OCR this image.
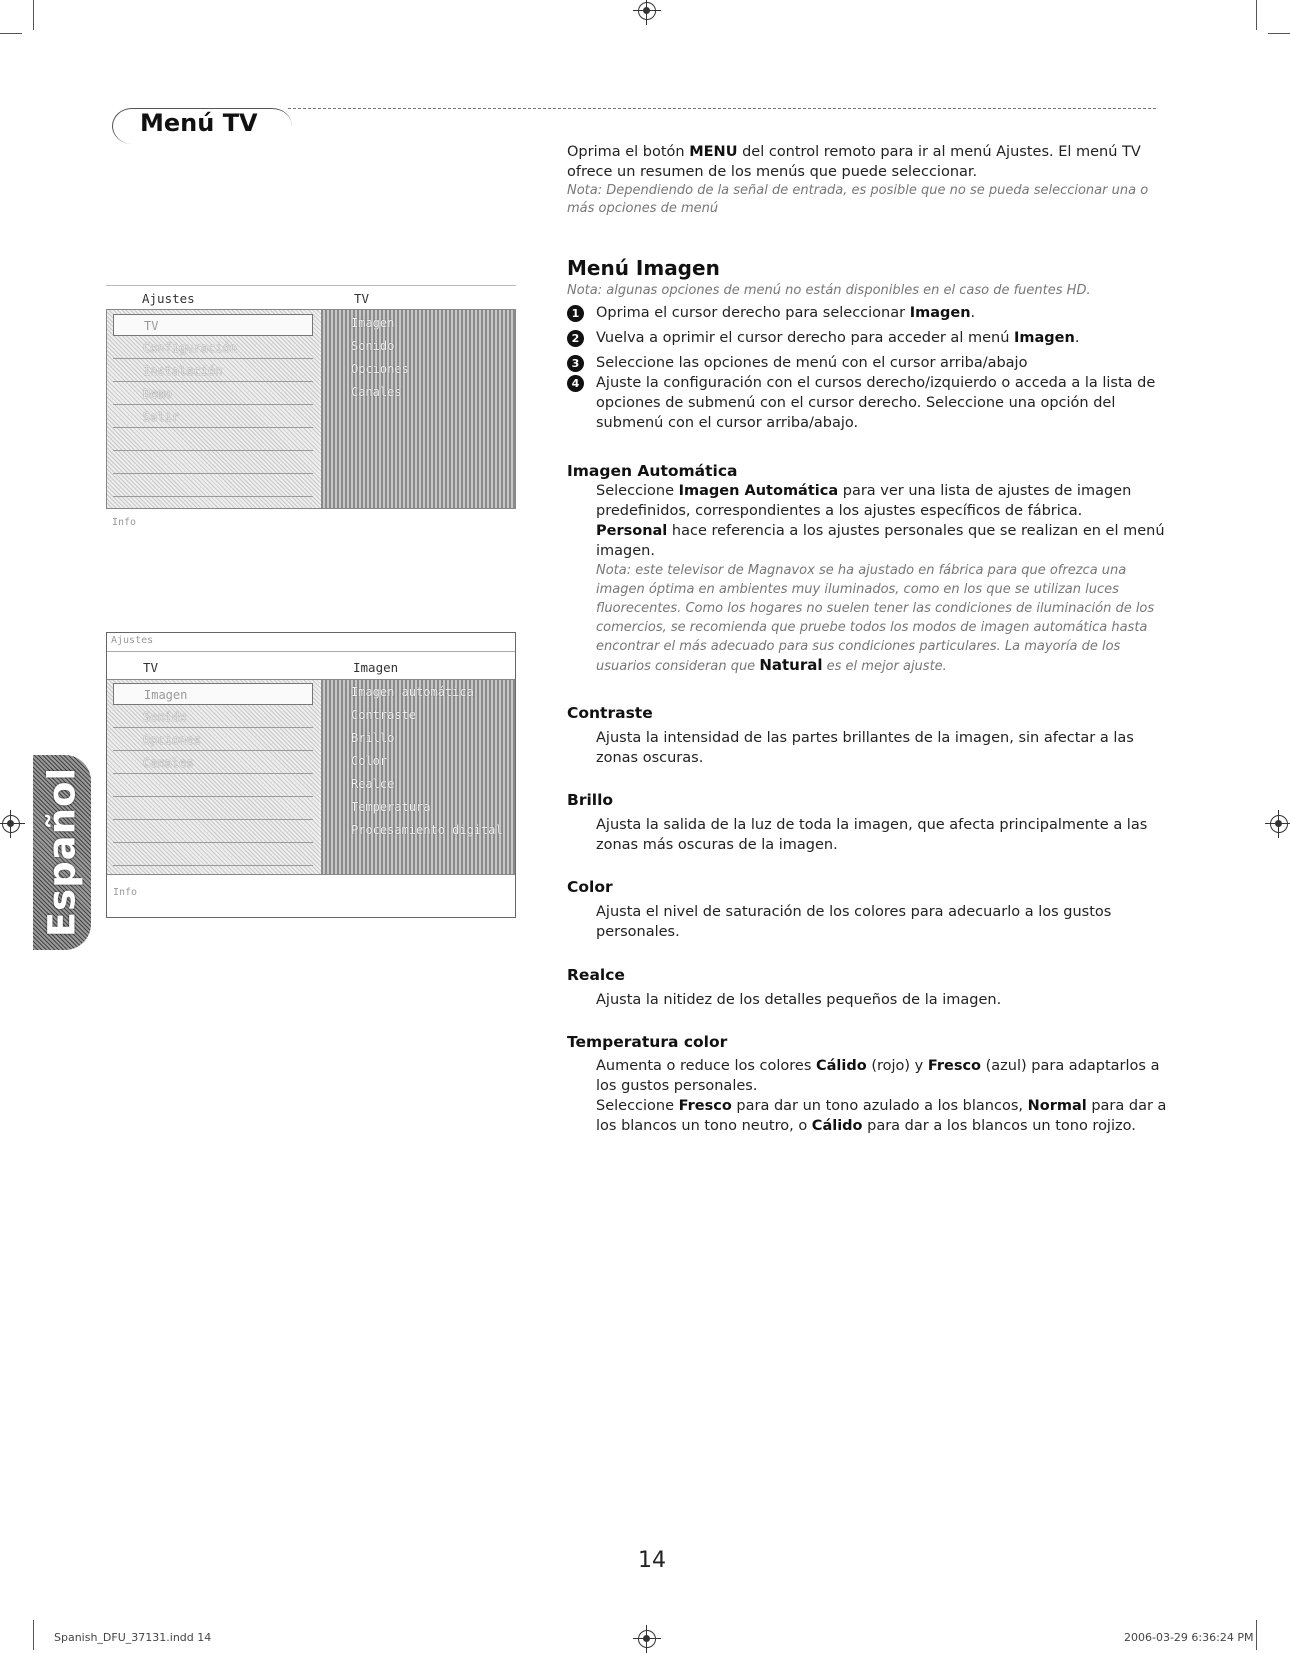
Menú TV
Oprima el botón MENU del control remoto para ir al menú Ajustes. El menú TV ofrece un resumen de los menús que puede seleccionar.
Nota: Dependiendo de la señal de entrada, es posible que no se pueda seleccionar una o más opciones de menú
Menú Imagen
Nota: algunas opciones de menú no están disponibles en el caso de fuentes HD.
1	Oprima el cursor derecho para seleccionar Imagen.
2	Vuelva a oprimir el cursor derecho para acceder al menú Imagen.
3	Seleccione las opciones de menú con el cursor arriba/abajo
4	Ajuste la configuración con el cursos derecho/izquierdo o acceda a la lista de opciones de submenú con el cursor derecho. Seleccione una opción del submenú con el cursor arriba/abajo.
Imagen Automática
Seleccione Imagen Automática para ver una lista de ajustes de imagen predefinidos, correspondientes a los ajustes específicos de fábrica.
Personal hace referencia a los ajustes personales que se realizan en el menú imagen.
Nota: este televisor de Magnavox se ha ajustado en fábrica para que ofrezca una imagen óptima en ambientes muy iluminados, como en los que se utilizan luces fluorecentes. Como los hogares no suelen tener las condiciones de iluminación de los comercios, se recomienda que pruebe todos los modos de imagen automática hasta encontrar el más adecuado para sus condiciones particulares. La mayoría de los usuarios consideran que Natural es el mejor ajuste.
Contraste
Ajusta la intensidad de las partes brillantes de la imagen, sin afectar a las zonas oscuras.
Brillo
Ajusta la salida de la luz de toda la imagen, que afecta principalmente a las zonas más oscuras de la imagen.
Color
Ajusta el nivel de saturación de los colores para adecuarlo a los gustos personales.
Realce
Ajusta la nitidez de los detalles pequeños de la imagen.
Temperatura color
Aumenta o reduce los colores Cálido (rojo) y Fresco (azul) para adaptarlos a los gustos personales.
Seleccione Fresco para dar un tono azulado a los blancos, Normal para dar a los blancos un tono neutro, o Cálido para dar a los blancos un tono rojizo.
Ajustes	TV
TV
Configuración
Instalación
Demo
Salir
Imagen
Sonido
Opciones
Canales
Info
Ajustes
TV	Imagen
Imagen
Sonido
Opciones
Canales
Imagen automática
Contraste
Brillo
Color
Realce
Temperatura
Procesamiento digital
Info
Español
14
Spanish_DFU_37131.indd 14	2006-03-29 6:36:24 PM
